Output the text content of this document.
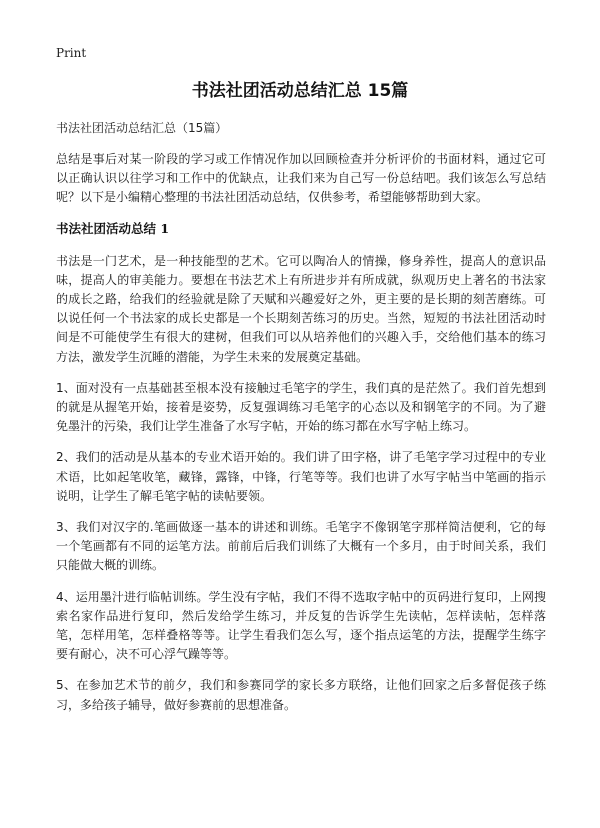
Print
书法社团活动总结汇总 15篇
书法社团活动总结汇总（15篇）

总结是事后对某一阶段的学习或工作情况作加以回顾检查并分析评价的书面材料，通过它可以正确认识以往学习和工作中的优缺点，让我们来为自己写一份总结吧。我们该怎么写总结呢？以下是小编精心整理的书法社团活动总结，仅供参考，希望能够帮助到大家。

书法社团活动总结 1

书法是一门艺术，是一种技能型的艺术。它可以陶冶人的情操，修身养性，提高人的意识品味，提高人的审美能力。要想在书法艺术上有所进步并有所成就，纵观历史上著名的书法家的成长之路，给我们的经验就是除了天赋和兴趣爱好之外，更主要的是长期的刻苦磨练。可以说任何一个书法家的成长史都是一个长期刻苦练习的历史。当然，短短的书法社团活动时间是不可能使学生有很大的建树，但我们可以从培养他们的兴趣入手，交给他们基本的练习方法，激发学生沉睡的潜能，为学生未来的发展奠定基础。

1、面对没有一点基础甚至根本没有接触过毛笔字的学生，我们真的是茫然了。我们首先想到的就是从握笔开始，接着是姿势，反复强调练习毛笔字的心态以及和钢笔字的不同。为了避免墨汁的污染，我们让学生准备了水写字帖，开始的练习都在水写字帖上练习。

2、我们的活动是从基本的专业术语开始的。我们讲了田字格，讲了毛笔字学习过程中的专业术语，比如起笔收笔，藏锋，露锋，中锋，行笔等等。我们也讲了水写字帖当中笔画的指示说明，让学生了解毛笔字帖的读帖要领。

3、我们对汉字的.笔画做逐一基本的讲述和训练。毛笔字不像钢笔字那样简洁便利，它的每一个笔画都有不同的运笔方法。前前后后我们训练了大概有一个多月，由于时间关系，我们只能做大概的训练。

4、运用墨汁进行临帖训练。学生没有字帖，我们不得不选取字帖中的页码进行复印，上网搜索名家作品进行复印，然后发给学生练习，并反复的告诉学生先读帖，怎样读帖，怎样落笔，怎样用笔，怎样叠格等等。让学生看我们怎么写，逐个指点运笔的方法，提醒学生练字要有耐心，决不可心浮气躁等等。

5、在参加艺术节的前夕，我们和参赛同学的家长多方联络，让他们回家之后多督促孩子练习，多给孩子辅导，做好参赛前的思想准备。
